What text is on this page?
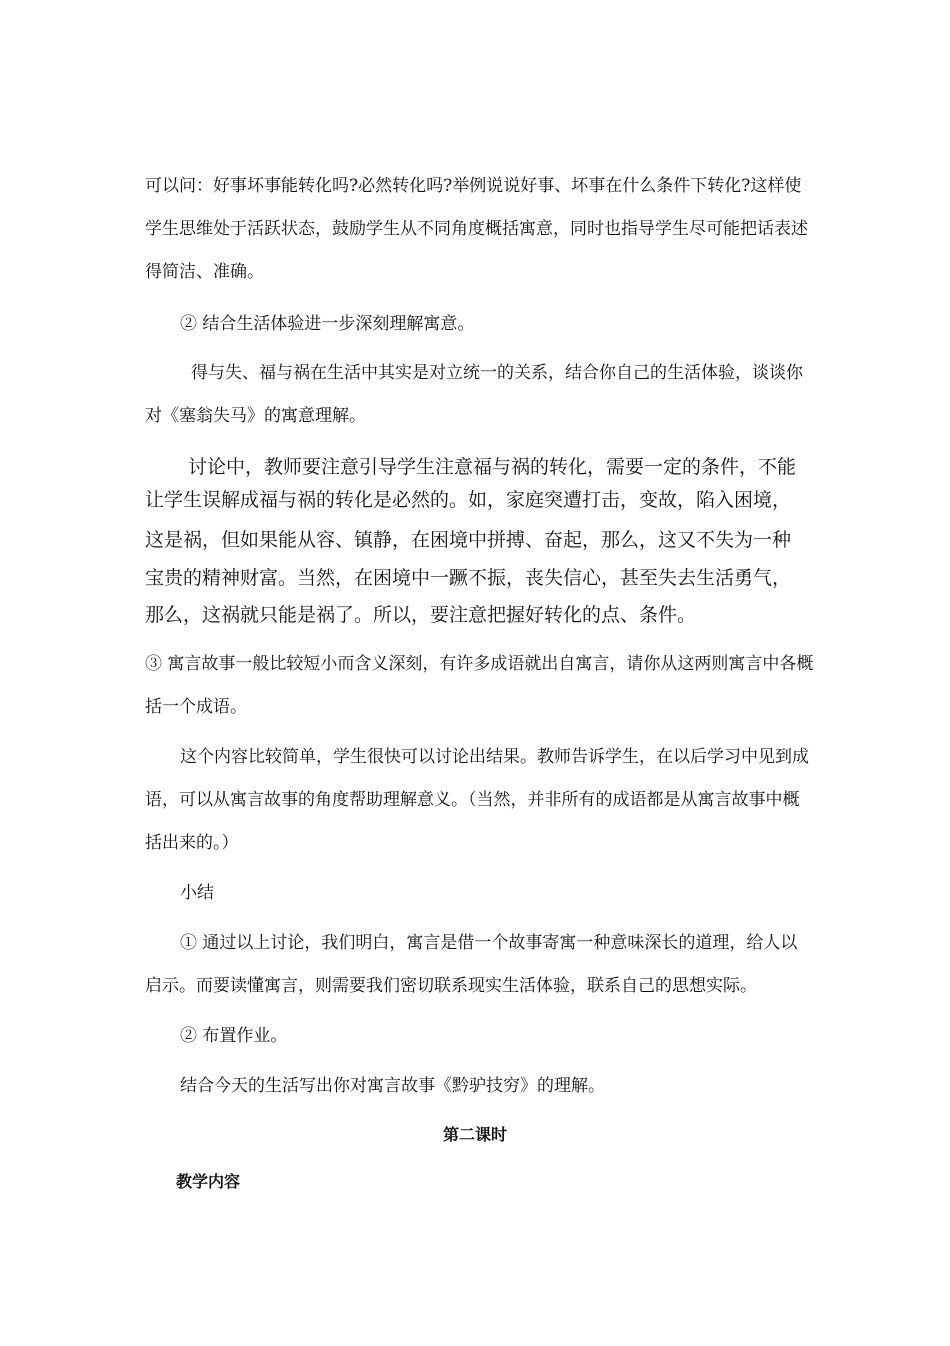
可以问：好事坏事能转化吗?必然转化吗?举例说说好事、坏事在什么条件下转化?这样使
学生思维处于活跃状态，鼓励学生从不同角度概括寓意，同时也指导学生尽可能把话表述
得简洁、准确。
② 结合生活体验进一步深刻理解寓意。
得与失、福与祸在生活中其实是对立统一的关系，结合你自己的生活体验，谈谈你
对《塞翁失马》的寓意理解。
讨论中，教师要注意引导学生注意福与祸的转化，需要一定的条件，不能
让学生误解成福与祸的转化是必然的。如，家庭突遭打击，变故，陷入困境，
这是祸，但如果能从容、镇静，在困境中拼搏、奋起，那么，这又不失为一种
宝贵的精神财富。当然，在困境中一蹶不振，丧失信心，甚至失去生活勇气，
那么，这祸就只能是祸了。所以，要注意把握好转化的点、条件。
③ 寓言故事一般比较短小而含义深刻，有许多成语就出自寓言，请你从这两则寓言中各概
括一个成语。
这个内容比较简单，学生很快可以讨论出结果。教师告诉学生，在以后学习中见到成
语，可以从寓言故事的角度帮助理解意义。（当然，并非所有的成语都是从寓言故事中概
括出来的。）
小结
① 通过以上讨论，我们明白，寓言是借一个故事寄寓一种意味深长的道理，给人以
启示。而要读懂寓言，则需要我们密切联系现实生活体验，联系自己的思想实际。
② 布置作业。
结合今天的生活写出你对寓言故事《黔驴技穷》的理解。
第二课时
教学内容
